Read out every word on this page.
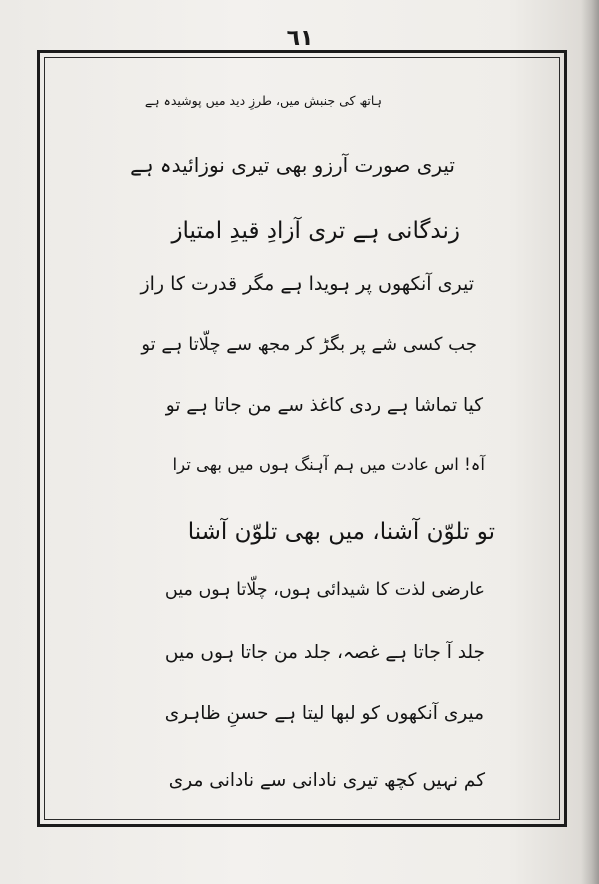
٦١
ہاتھ کی جنبش میں، طرزِ دید میں پوشیدہ ہے
تیری صورت آرزو بھی تیری نوزائیدہ ہے
زندگانی ہے تری آزادِ قیدِ امتیاز
تیری آنکھوں پر ہویدا ہے مگر قدرت کا راز
جب کسی شے پر بگڑ کر مجھ سے چلّاتا ہے تو
کیا تماشا ہے ردی کاغذ سے من جاتا ہے تو
آہ! اس عادت میں ہم آہنگ ہوں میں بھی ترا
تو تلوّن آشنا، میں بھی تلوّن آشنا
عارضی لذت کا شیدائی ہوں، چلّاتا ہوں میں
جلد آ جاتا ہے غصہ، جلد من جاتا ہوں میں
میری آنکھوں کو لبھا لیتا ہے حسنِ ظاہری
کم نہیں کچھ تیری نادانی سے نادانی مری
